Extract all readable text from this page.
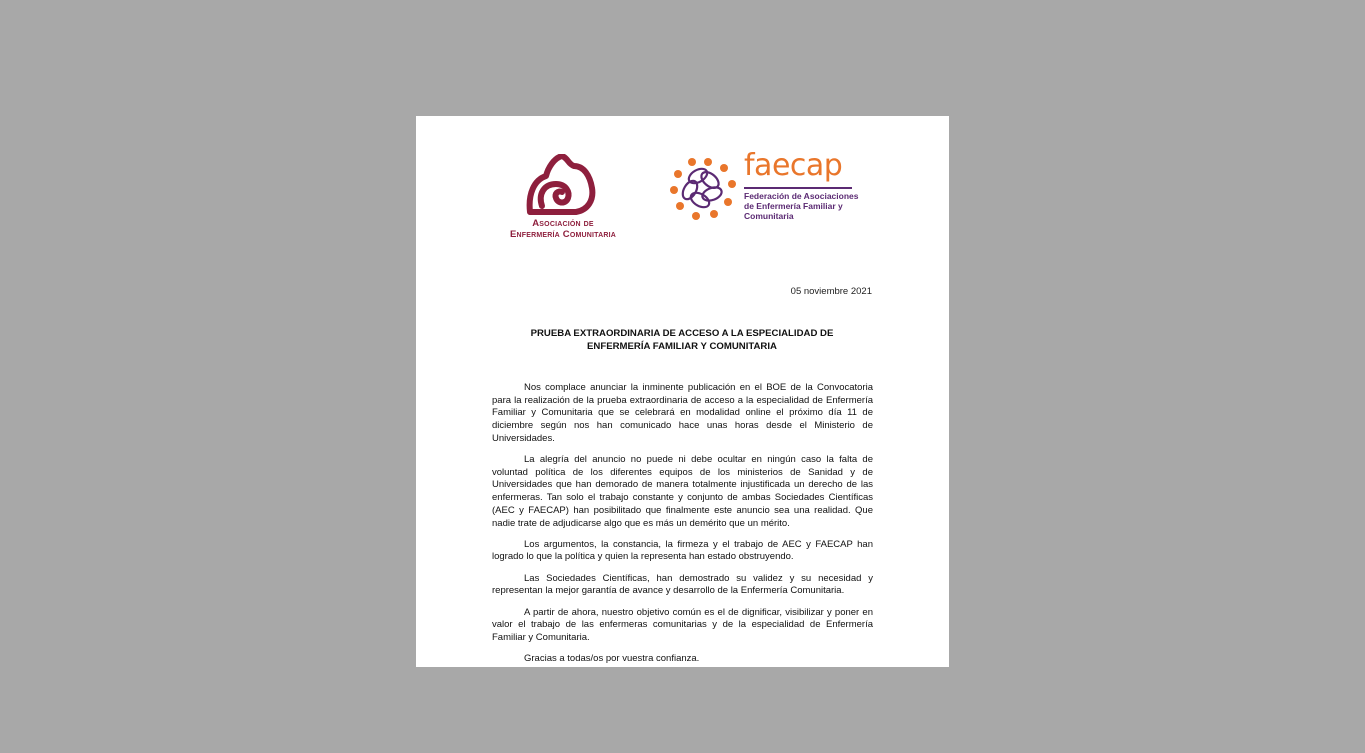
Asociación de
Enfermería Comunitaria
faecap
Federación de Asociaciones de Enfermería Familiar y Comunitaria
05 noviembre 2021
PRUEBA EXTRAORDINARIA DE ACCESO A LA ESPECIALIDAD DE
ENFERMERÍA FAMILIAR Y COMUNITARIA

Nos complace anunciar la inminente publicación en el BOE de la Convocatoria para la realización de la prueba extraordinaria de acceso a la especialidad de Enfermería Familiar y Comunitaria que se celebrará en modalidad online el próximo día 11 de diciembre según nos han comunicado hace unas horas desde el Ministerio de Universidades.

La alegría del anuncio no puede ni debe ocultar en ningún caso la falta de voluntad política de los diferentes equipos de los ministerios de Sanidad y de Universidades que han demorado de manera totalmente injustificada un derecho de las enfermeras. Tan solo el trabajo constante y conjunto de ambas Sociedades Científicas (AEC y FAECAP) han posibilitado que finalmente este anuncio sea una realidad. Que nadie trate de adjudicarse algo que es más un demérito que un mérito.

Los argumentos, la constancia, la firmeza y el trabajo de AEC y FAECAP han logrado lo que la política y quien la representa han estado obstruyendo.

Las Sociedades Científicas, han demostrado su validez y su necesidad y representan la mejor garantía de avance y desarrollo de la Enfermería Comunitaria.

A partir de ahora, nuestro objetivo común es el de dignificar, visibilizar y poner en valor el trabajo de las enfermeras comunitarias y de la especialidad de Enfermería Familiar y Comunitaria.

Gracias a todas/os por vuestra confianza.
